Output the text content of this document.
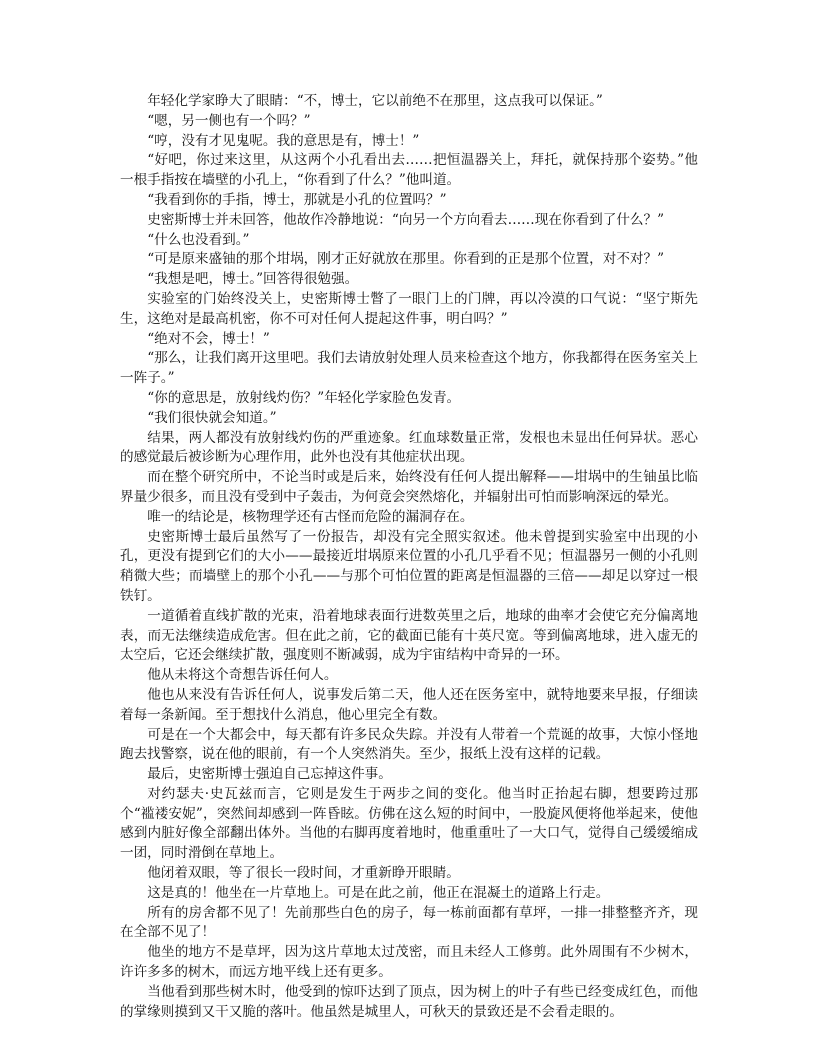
年轻化学家睁大了眼睛：“不，博士，它以前绝不在那里，这点我可以保证。”

“嗯，另一侧也有一个吗？”

“哼，没有才见鬼呢。我的意思是有，博士！”

“好吧，你过来这里，从这两个小孔看出去……把恒温器关上，拜托，就保持那个姿势。”他一根手指按在墙壁的小孔上，“你看到了什么？”他叫道。

“我看到你的手指，博士，那就是小孔的位置吗？”

史密斯博士并未回答，他故作冷静地说：“向另一个方向看去……现在你看到了什么？”

“什么也没看到。”

“可是原来盛铀的那个坩埚，刚才正好就放在那里。你看到的正是那个位置，对不对？”

“我想是吧，博士。”回答得很勉强。

实验室的门始终没关上，史密斯博士瞥了一眼门上的门牌，再以冷漠的口气说：“坚宁斯先生，这绝对是最高机密，你不可对任何人提起这件事，明白吗？”

“绝对不会，博士！”

“那么，让我们离开这里吧。我们去请放射处理人员来检查这个地方，你我都得在医务室关上一阵子。”

“你的意思是，放射线灼伤？”年轻化学家脸色发青。

“我们很快就会知道。”

结果，两人都没有放射线灼伤的严重迹象。红血球数量正常，发根也未显出任何异状。恶心的感觉最后被诊断为心理作用，此外也没有其他症状出现。

而在整个研究所中，不论当时或是后来，始终没有任何人提出解释——坩埚中的生铀虽比临界量少很多，而且没有受到中子轰击，为何竟会突然熔化，并辐射出可怕而影响深远的晕光。

唯一的结论是，核物理学还有古怪而危险的漏洞存在。

史密斯博士最后虽然写了一份报告，却没有完全照实叙述。他未曾提到实验室中出现的小孔，更没有提到它们的大小——最接近坩埚原来位置的小孔几乎看不见；恒温器另一侧的小孔则稍微大些；而墙壁上的那个小孔——与那个可怕位置的距离是恒温器的三倍——却足以穿过一根铁钉。

一道循着直线扩散的光束，沿着地球表面行进数英里之后，地球的曲率才会使它充分偏离地表，而无法继续造成危害。但在此之前，它的截面已能有十英尺宽。等到偏离地球，进入虚无的太空后，它还会继续扩散，强度则不断减弱，成为宇宙结构中奇异的一环。

他从未将这个奇想告诉任何人。

他也从来没有告诉任何人，说事发后第二天，他人还在医务室中，就特地要来早报，仔细读着每一条新闻。至于想找什么消息，他心里完全有数。

可是在一个大都会中，每天都有许多民众失踪。并没有人带着一个荒诞的故事，大惊小怪地跑去找警察，说在他的眼前，有一个人突然消失。至少，报纸上没有这样的记载。

最后，史密斯博士强迫自己忘掉这件事。

对约瑟夫·史瓦兹而言，它则是发生于两步之间的变化。他当时正抬起右脚，想要跨过那个“褴褛安妮”，突然间却感到一阵昏眩。仿佛在这么短的时间中，一股旋风便将他举起来，使他感到内脏好像全部翻出体外。当他的右脚再度着地时，他重重吐了一大口气，觉得自己缓缓缩成一团，同时滑倒在草地上。

他闭着双眼，等了很长一段时间，才重新睁开眼睛。

这是真的！他坐在一片草地上。可是在此之前，他正在混凝土的道路上行走。

所有的房舍都不见了！先前那些白色的房子，每一栋前面都有草坪，一排一排整整齐齐，现在全部不见了！

他坐的地方不是草坪，因为这片草地太过茂密，而且未经人工修剪。此外周围有不少树木，许许多多的树木，而远方地平线上还有更多。

当他看到那些树木时，他受到的惊吓达到了顶点，因为树上的叶子有些已经变成红色，而他的掌缘则摸到又干又脆的落叶。他虽然是城里人，可秋天的景致还是不会看走眼的。
